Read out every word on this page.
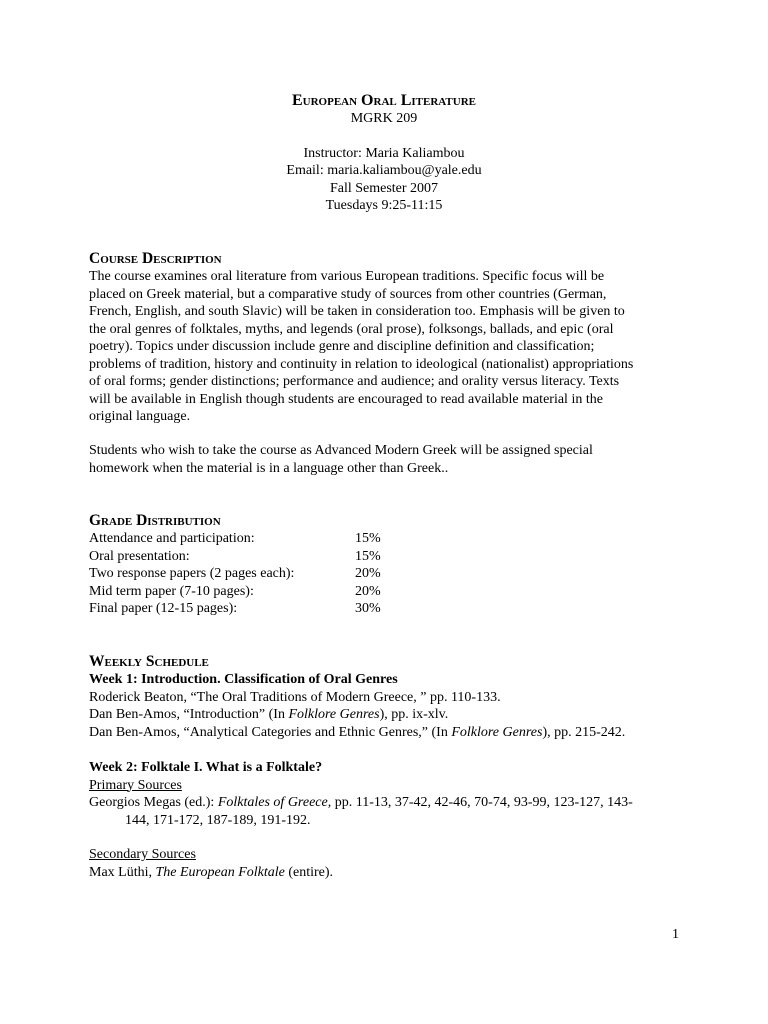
European Oral Literature
MGRK 209
Instructor: Maria Kaliambou
Email: maria.kaliambou@yale.edu
Fall Semester 2007
Tuesdays 9:25-11:15
Course Description
The course examines oral literature from various European traditions. Specific focus will be
placed on Greek material, but a comparative study of sources from other countries (German,
French, English, and south Slavic) will be taken in consideration too. Emphasis will be given to
the oral genres of folktales, myths, and legends (oral prose), folksongs, ballads, and epic (oral
poetry). Topics under discussion include genre and discipline definition and classification;
problems of tradition, history and continuity in relation to ideological (nationalist) appropriations
of oral forms; gender distinctions; performance and audience; and orality versus literacy. Texts
will be available in English though students are encouraged to read available material in the
original language.
Students who wish to take the course as Advanced Modern Greek will be assigned special
homework when the material is in a language other than Greek..
Grade Distribution
Attendance and participation:	15%
Oral presentation:	15%
Two response papers (2 pages each):	20%
Mid term paper (7-10 pages):	20%
Final paper (12-15 pages):	30%
Weekly Schedule
Week 1: Introduction. Classification of Oral Genres
Roderick Beaton, “The Oral Traditions of Modern Greece, ” pp. 110-133.
Dan Ben-Amos, “Introduction” (In Folklore Genres), pp. ix-xlv.
Dan Ben-Amos, “Analytical Categories and Ethnic Genres,” (In Folklore Genres), pp. 215-242.
Week 2: Folktale I. What is a Folktale?
Primary Sources
Georgios Megas (ed.): Folktales of Greece, pp. 11-13, 37-42, 42-46, 70-74, 93-99, 123-127, 143-
144, 171-172, 187-189, 191-192.
Secondary Sources
Max Lüthi, The European Folktale (entire).
1
